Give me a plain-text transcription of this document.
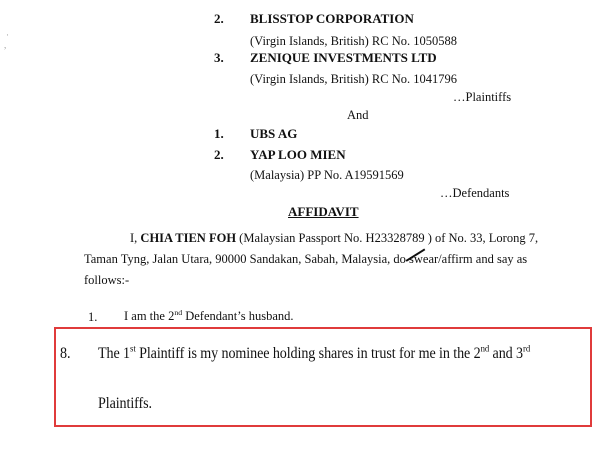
·
,
2. BLISSTOP CORPORATION
(Virgin Islands, British) RC No. 1050588
3. ZENIQUE INVESTMENTS LTD
(Virgin Islands, British) RC No. 1041796
…Plaintiffs
And
1. UBS AG
2. YAP LOO MIEN
(Malaysia) PP No. A19591569
…Defendants
AFFIDAVIT
I, CHIA TIEN FOH (Malaysian Passport No. H23328789 ) of No. 33, Lorong 7,
Taman Tyng, Jalan Utara, 90000 Sandakan, Sabah, Malaysia, do swear/affirm and say as
follows:-
1. I am the 2nd Defendant’s husband.
8. The 1st Plaintiff is my nominee holding shares in trust for me in the 2nd and 3rd
Plaintiffs.
